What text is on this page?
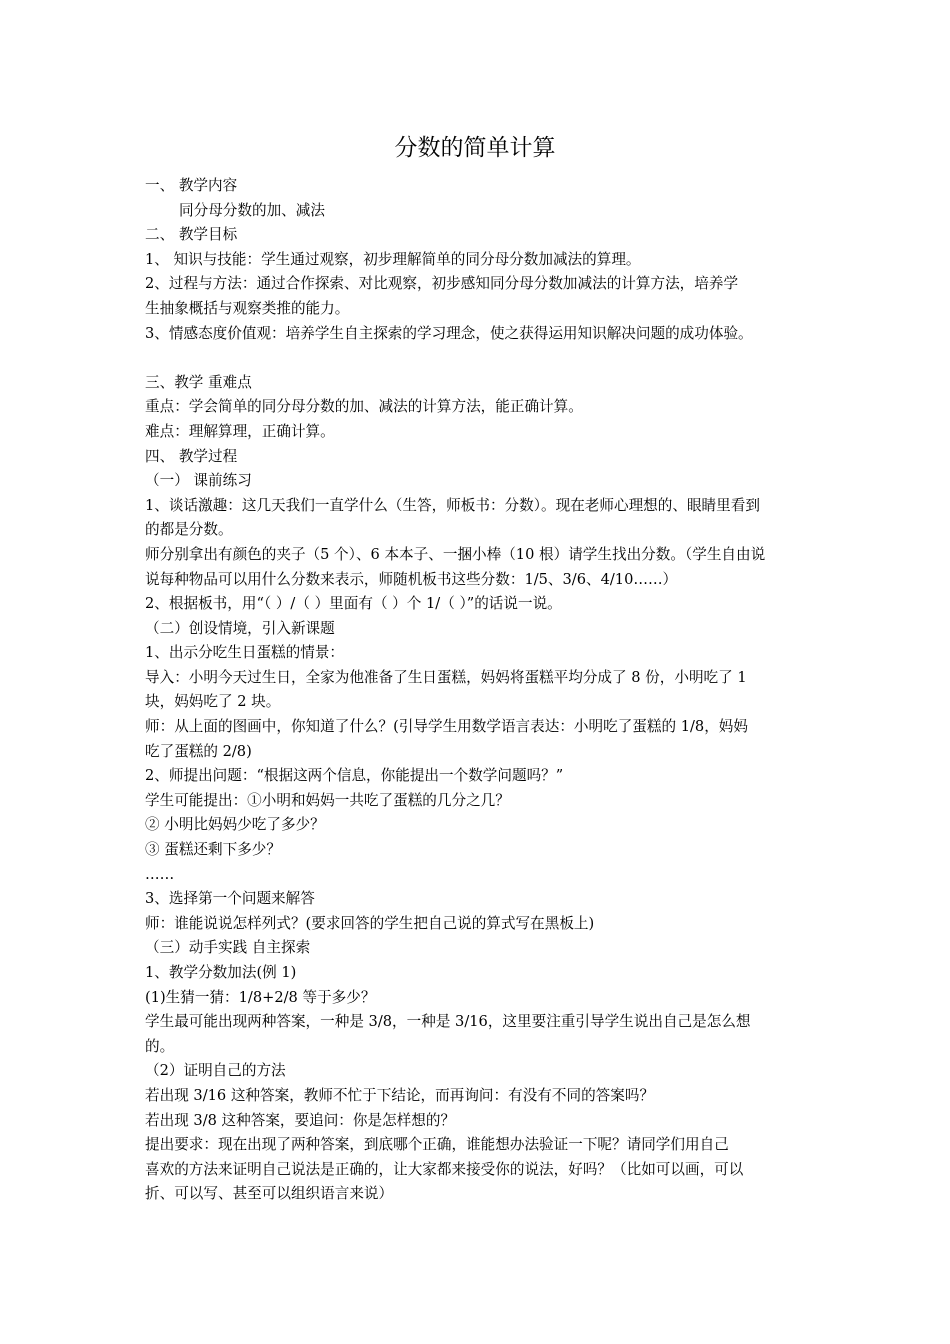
分数的简单计算
一、 教学内容
同分母分数的加、减法
二、 教学目标
1、 知识与技能：学生通过观察，初步理解简单的同分母分数加减法的算理。
2、过程与方法：通过合作探索、对比观察，初步感知同分母分数加减法的计算方法，培养学
生抽象概括与观察类推的能力。
3、情感态度价值观：培养学生自主探索的学习理念，使之获得运用知识解决问题的成功体验。
三、教学 重难点
重点：学会简单的同分母分数的加、减法的计算方法，能正确计算。
难点：理解算理，正确计算。
四、 教学过程
（一） 课前练习
1、谈话激趣：这几天我们一直学什么（生答，师板书：分数）。现在老师心理想的、眼睛里看到
的都是分数。
师分别拿出有颜色的夹子（5 个）、6 本本子、一捆小棒（10 根）请学生找出分数。（学生自由说
说每种物品可以用什么分数来表示，师随机板书这些分数：1/5、3/6、4/10……）
2、根据板书，用“（ ）/（ ）里面有（ ）个 1/（ ）”的话说一说。
（二）创设情境，引入新课题
1、出示分吃生日蛋糕的情景：
导入：小明今天过生日，全家为他准备了生日蛋糕，妈妈将蛋糕平均分成了 8 份，小明吃了 1
块，妈妈吃了 2 块。
师：从上面的图画中，你知道了什么？(引导学生用数学语言表达：小明吃了蛋糕的 1/8，妈妈
吃了蛋糕的 2/8)
2、师提出问题：“根据这两个信息，你能提出一个数学问题吗？”
学生可能提出：①小明和妈妈一共吃了蛋糕的几分之几？
② 小明比妈妈少吃了多少？
③ 蛋糕还剩下多少？
……
3、选择第一个问题来解答
师：谁能说说怎样列式？(要求回答的学生把自己说的算式写在黑板上)
（三）动手实践 自主探索
1、教学分数加法(例 1)
(1)生猜一猜：1/8+2/8 等于多少？
学生最可能出现两种答案，一种是 3/8，一种是 3/16，这里要注重引导学生说出自己是怎么想
的。
（2）证明自己的方法
若出现 3/16 这种答案，教师不忙于下结论，而再询问：有没有不同的答案吗？
若出现 3/8 这种答案，要追问：你是怎样想的？
提出要求：现在出现了两种答案，到底哪个正确，谁能想办法验证一下呢？请同学们用自己
喜欢的方法来证明自己说法是正确的，让大家都来接受你的说法，好吗？（比如可以画，可以
折、可以写、甚至可以组织语言来说）
